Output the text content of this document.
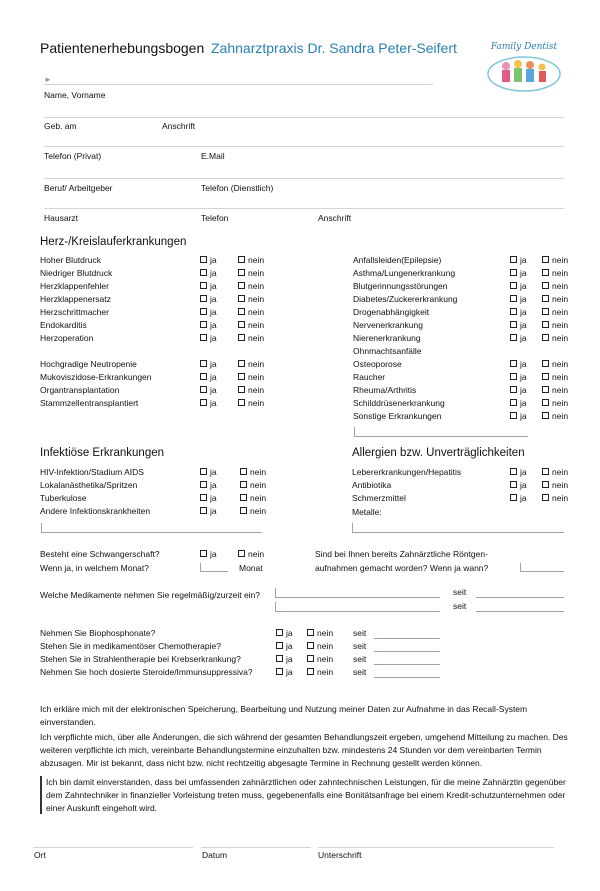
Patientenerhebungsbogen Zahnarztpraxis Dr. Sandra Peter-Seifert	Family Dentist
►
Name, Vorname
Geb. am	Anschrift
Telefon (Privat)	E.Mail
Beruf/ Arbeitgeber	Telefon (Dienstlich)
Hausarzt	Telefon	Anschrift
Herz-/Kreislauferkrankungen
Hoher Blutdruck	ja	nein
Niedriger Blutdruck	ja	nein
Herzklappenfehler	ja	nein
Herzklappenersatz	ja	nein
Herzschrittmacher	ja	nein
Endokarditis	ja	nein
Herzoperation	ja	nein
Hochgradige Neutropenie	ja	nein
Mukoviszidose-Erkrankungen	ja	nein
Organtransplantation	ja	nein
Stammzellentransplantiert	ja	nein
Anfallsleiden(Epilepsie)	ja	nein
Asthma/Lungenerkrankung	ja	nein
Blutgerinnungsstörungen	ja	nein
Diabetes/Zuckererkrankung	ja	nein
Drogenabhängigkeit	ja	nein
Nervenerkrankung	ja	nein
Nierenerkrankung	ja	nein
Ohnmachtsanfälle
Osteoporose	ja	nein
Raucher	ja	nein
Rheuma/Arthritis	ja	nein
Schilddrüsenerkrankung	ja	nein
Sonstige Erkrankungen	ja	nein
Infektiöse Erkrankungen
HIV-Infektion/Stadium AIDS	ja	nein
Lokalanästhetika/Spritzen	ja	nein
Tuberkulose	ja	nein
Andere Infektionskrankheiten	ja	nein
Allergien bzw. Unverträglichkeiten
Lebererkrankungen/Hepatitis	ja	nein
Antibiotika	ja	nein
Schmerzmittel	ja	nein
Metalle:
Besteht eine Schwangerschaft?	ja	nein
Wenn ja, in welchem Monat?	Monat
Sind bei Ihnen bereits Zahnärztliche Röntgen-
aufnahmen gemacht worden? Wenn ja wann?
Welche Medikamente nehmen Sie regelmäßig/zurzeit ein?	seit
seit
Nehmen Sie Biophosphonate?	ja	nein seit
Stehen Sie in medikamentöser Chemotherapie?	ja	nein seit
Stehen Sie in Strahlentherapie bei Krebserkrankung?	ja	nein seit
Nehmen Sie hoch dosierte Steroide/Immunsuppressiva?	ja	nein seit
Ich erkläre mich mit der elektronischen Speicherung, Bearbeitung und Nutzung meiner Daten zur Aufnahme in das Recall-System einverstanden.
Ich verpflichte mich, über alle Änderungen, die sich während der gesamten Behandlungszeit ergeben, umgehend Mitteilung zu machen. Des weiteren verpflichte ich mich, vereinbarte Behandlungstermine einzuhalten bzw. mindestens 24 Stunden vor dem vereinbarten Termin abzusagen. Mir ist bekannt, dass nicht bzw. nicht rechtzeitig abgesagte Termine in Rechnung gestellt werden können.
Ich bin damit einverstanden, dass bei umfassenden zahnärztlichen oder zahntechnischen Leistungen, für die meine Zahnärztin gegenüber dem Zahntechniker in finanzieller Vorleistung treten muss, gegebenenfalls eine Bonitätsanfrage bei einem Kredit-schutzunternehmen oder einer Auskunft eingeholt wird.
Ort	Datum	Unterschrift
